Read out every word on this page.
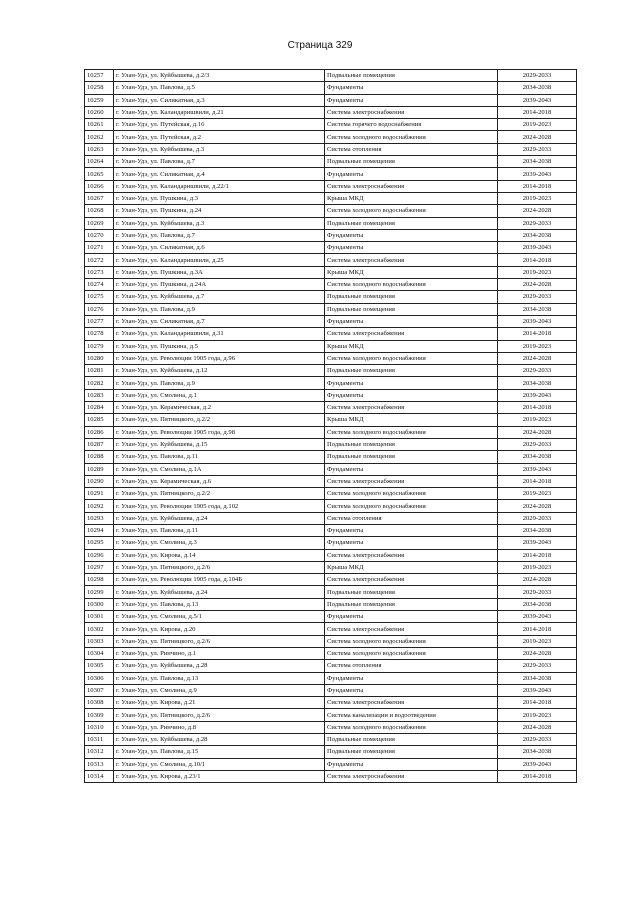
Страница 329
10257	г. Улан-Удэ, ул. Куйбышева, д.2/3	Подвальные помещения	2029-2033
10258	г. Улан-Удэ, ул. Павлова, д.5	Фундаменты	2034-2038
10259	г. Улан-Удэ, ул. Силикатная, д.3	Фундаменты	2039-2043
10260	г. Улан-Удэ, ул. Каландаришвили, д.21	Система электроснабжения	2014-2018
10261	г. Улан-Удэ, ул. Путейская, д.16	Система горячего водоснабжения	2019-2023
10262	г. Улан-Удэ, ул. Путейская, д.2	Система холодного водоснабжения	2024-2028
10263	г. Улан-Удэ, ул. Куйбышева, д.3	Система отопления	2029-2033
10264	г. Улан-Удэ, ул. Павлова, д.7	Подвальные помещения	2034-2038
10265	г. Улан-Удэ, ул. Силикатная, д.4	Фундаменты	2039-2043
10266	г. Улан-Удэ, ул. Каландаришвили, д.22/1	Система электроснабжения	2014-2018
10267	г. Улан-Удэ, ул. Пушкина, д.3	Крыша МКД	2019-2023
10268	г. Улан-Удэ, ул. Пушкина, д.24	Система холодного водоснабжения	2024-2028
10269	г. Улан-Удэ, ул. Куйбышева, д.3	Подвальные помещения	2029-2033
10270	г. Улан-Удэ, ул. Павлова, д.7	Фундаменты	2034-2038
10271	г. Улан-Удэ, ул. Силикатная, д.6	Фундаменты	2039-2043
10272	г. Улан-Удэ, ул. Каландаришвили, д.25	Система электроснабжения	2014-2018
10273	г. Улан-Удэ, ул. Пушкина, д.3А	Крыша МКД	2019-2023
10274	г. Улан-Удэ, ул. Пушкина, д.24А	Система холодного водоснабжения	2024-2028
10275	г. Улан-Удэ, ул. Куйбышева, д.7	Подвальные помещения	2029-2033
10276	г. Улан-Удэ, ул. Павлова, д.9	Подвальные помещения	2034-2038
10277	г. Улан-Удэ, ул. Силикатная, д.7	Фундаменты	2039-2043
10278	г. Улан-Удэ, ул. Каландаришвили, д.31	Система электроснабжения	2014-2018
10279	г. Улан-Удэ, ул. Пушкина, д.5	Крыша МКД	2019-2023
10280	г. Улан-Удэ, ул. Революции 1905 года, д.96	Система холодного водоснабжения	2024-2028
10281	г. Улан-Удэ, ул. Куйбышева, д.12	Подвальные помещения	2029-2033
10282	г. Улан-Удэ, ул. Павлова, д.9	Фундаменты	2034-2038
10283	г. Улан-Удэ, ул. Смолина, д.1	Фундаменты	2039-2043
10284	г. Улан-Удэ, ул. Керамическая, д.2	Система электроснабжения	2014-2018
10285	г. Улан-Удэ, ул. Пятницкого, д.2/2	Крыша МКД	2019-2023
10286	г. Улан-Удэ, ул. Революции 1905 года, д.98	Система холодного водоснабжения	2024-2028
10287	г. Улан-Удэ, ул. Куйбышева, д.15	Подвальные помещения	2029-2033
10288	г. Улан-Удэ, ул. Павлова, д.11	Подвальные помещения	2034-2038
10289	г. Улан-Удэ, ул. Смолина, д.1А	Фундаменты	2039-2043
10290	г. Улан-Удэ, ул. Керамическая, д.6	Система электроснабжения	2014-2018
10291	г. Улан-Удэ, ул. Пятницкого, д.2/2	Система холодного водоснабжения	2019-2023
10292	г. Улан-Удэ, ул. Революции 1905 года, д.102	Система холодного водоснабжения	2024-2028
10293	г. Улан-Удэ, ул. Куйбышева, д.24	Система отопления	2029-2033
10294	г. Улан-Удэ, ул. Павлова, д.11	Фундаменты	2034-2038
10295	г. Улан-Удэ, ул. Смолина, д.3	Фундаменты	2039-2043
10296	г. Улан-Удэ, ул. Кирова, д.14	Система электроснабжения	2014-2018
10297	г. Улан-Удэ, ул. Пятницкого, д.2/6	Крыша МКД	2019-2023
10298	г. Улан-Удэ, ул. Революции 1905 года, д.104Б	Система электроснабжения	2024-2028
10299	г. Улан-Удэ, ул. Куйбышева, д.24	Подвальные помещения	2029-2033
10300	г. Улан-Удэ, ул. Павлова, д.13	Подвальные помещения	2034-2038
10301	г. Улан-Удэ, ул. Смолина, д.5/1	Фундаменты	2039-2043
10302	г. Улан-Удэ, ул. Кирова, д.20	Система электроснабжения	2014-2018
10303	г. Улан-Удэ, ул. Пятницкого, д.2/6	Система холодного водоснабжения	2019-2023
10304	г. Улан-Удэ, ул. Ринчино, д.1	Система холодного водоснабжения	2024-2028
10305	г. Улан-Удэ, ул. Куйбышева, д.28	Система отопления	2029-2033
10306	г. Улан-Удэ, ул. Павлова, д.13	Фундаменты	2034-2038
10307	г. Улан-Удэ, ул. Смолина, д.9	Фундаменты	2039-2043
10308	г. Улан-Удэ, ул. Кирова, д.21	Система электроснабжения	2014-2018
10309	г. Улан-Удэ, ул. Пятницкого, д.2/6	Система канализации и водоотведения	2019-2023
10310	г. Улан-Удэ, ул. Ринчино, д.8	Система холодного водоснабжения	2024-2028
10311	г. Улан-Удэ, ул. Куйбышева, д.28	Подвальные помещения	2029-2033
10312	г. Улан-Удэ, ул. Павлова, д.15	Подвальные помещения	2034-2038
10313	г. Улан-Удэ, ул. Смолина, д.10/1	Фундаменты	2039-2043
10314	г. Улан-Удэ, ул. Кирова, д.23/1	Система электроснабжения	2014-2018
